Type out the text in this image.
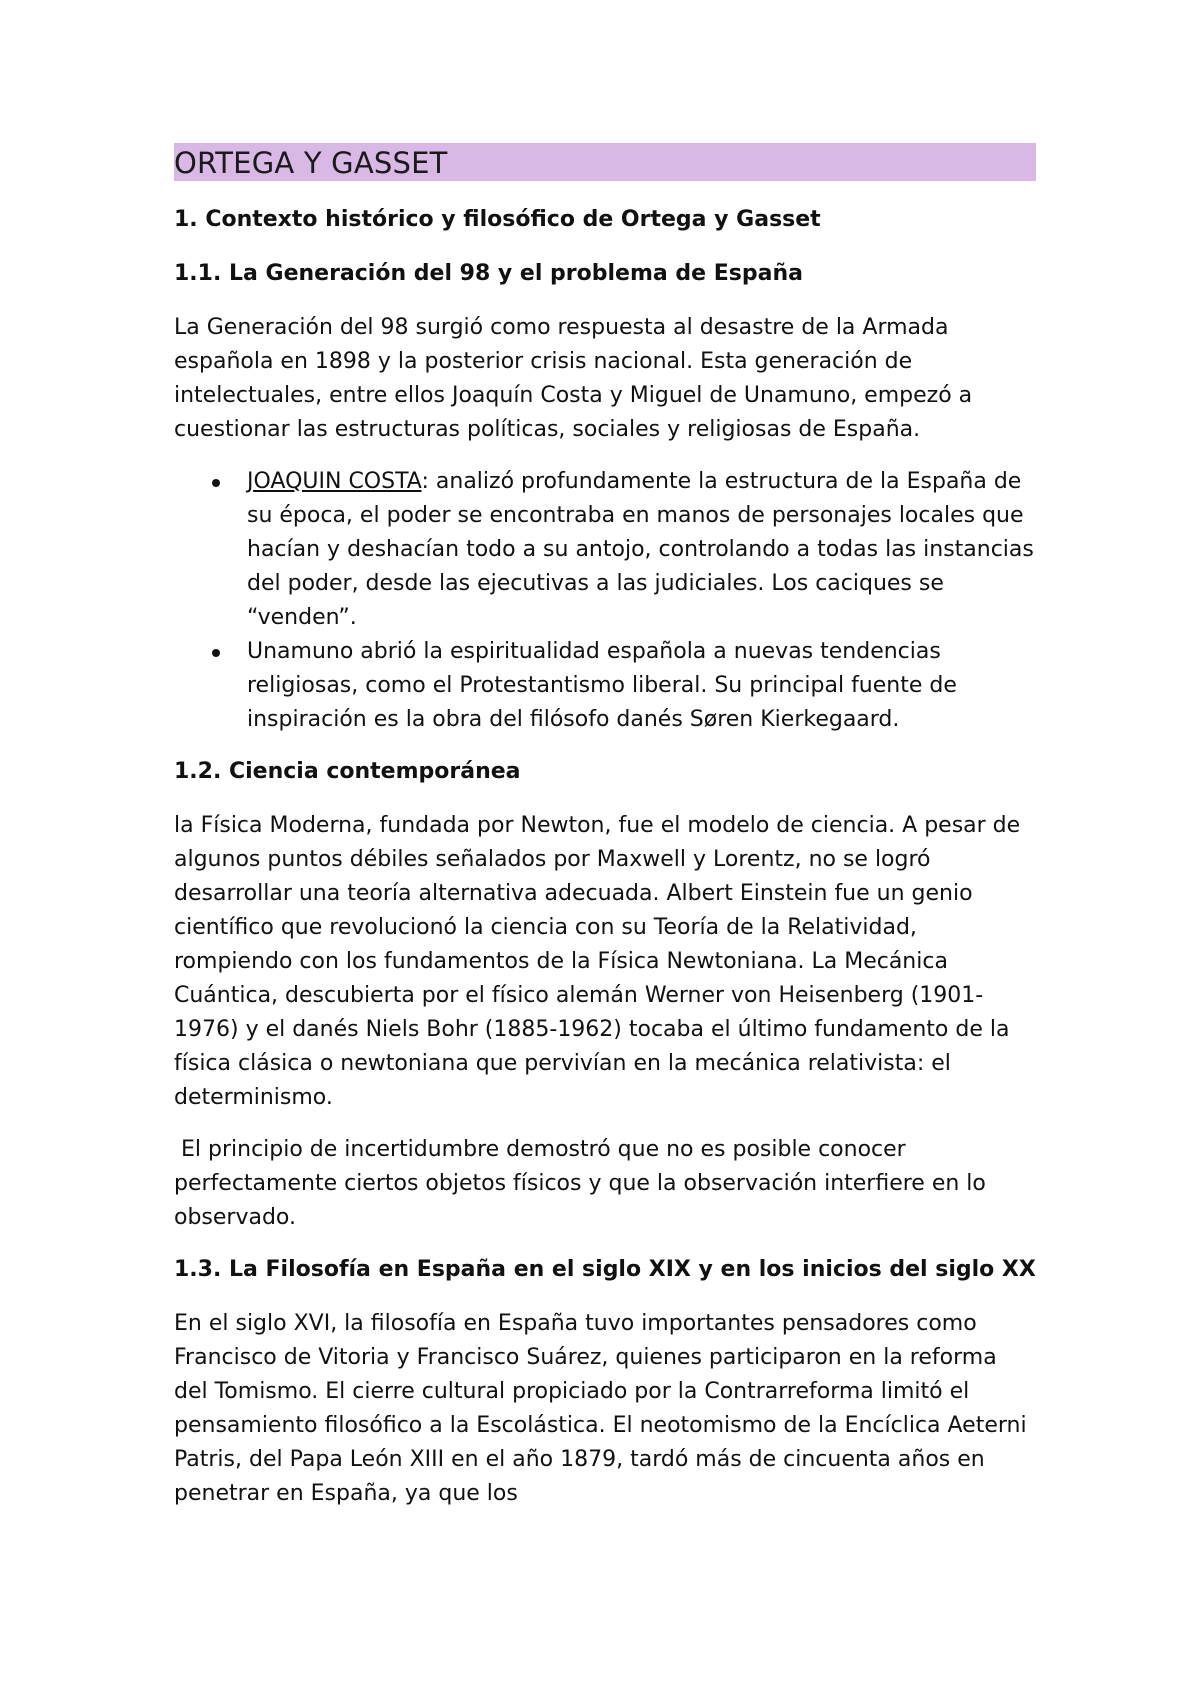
ORTEGA Y GASSET
1. Contexto histórico y filosófico de Ortega y Gasset
1.1. La Generación del 98 y el problema de España

La Generación del 98 surgió como respuesta al desastre de la Armada española en 1898 y la posterior crisis nacional. Esta generación de intelectuales, entre ellos Joaquín Costa y Miguel de Unamuno, empezó a cuestionar las estructuras políticas, sociales y religiosas de España.

JOAQUIN COSTA: analizó profundamente la estructura de la España de su época, el poder se encontraba en manos de personajes locales que hacían y deshacían todo a su antojo, controlando a todas las instancias del poder, desde las ejecutivas a las judiciales. Los caciques se “venden”.
Unamuno abrió la espiritualidad española a nuevas tendencias religiosas, como el Protestantismo liberal. Su principal fuente de inspiración es la obra del filósofo danés Søren Kierkegaard.
1.2. Ciencia contemporánea

la Física Moderna, fundada por Newton, fue el modelo de ciencia. A pesar de algunos puntos débiles señalados por Maxwell y Lorentz, no se logró desarrollar una teoría alternativa adecuada. Albert Einstein fue un genio científico que revolucionó la ciencia con su Teoría de la Relatividad, rompiendo con los fundamentos de la Física Newtoniana. La Mecánica Cuántica, descubierta por el físico alemán Werner von Heisenberg (1901-1976) y el danés Niels Bohr (1885-1962) tocaba el último fundamento de la física clásica o newtoniana que pervivían en la mecánica relativista: el determinismo.

El principio de incertidumbre demostró que no es posible conocer perfectamente ciertos objetos físicos y que la observación interfiere en lo observado.

1.3. La Filosofía en España en el siglo XIX y en los inicios del siglo XX

En el siglo XVI, la filosofía en España tuvo importantes pensadores como Francisco de Vitoria y Francisco Suárez, quienes participaron en la reforma del Tomismo. El cierre cultural propiciado por la Contrarreforma limitó el pensamiento filosófico a la Escolástica. El neotomismo de la Encíclica Aeterni Patris, del Papa León XIII en el año 1879, tardó más de cincuenta años en penetrar en España, ya que los
